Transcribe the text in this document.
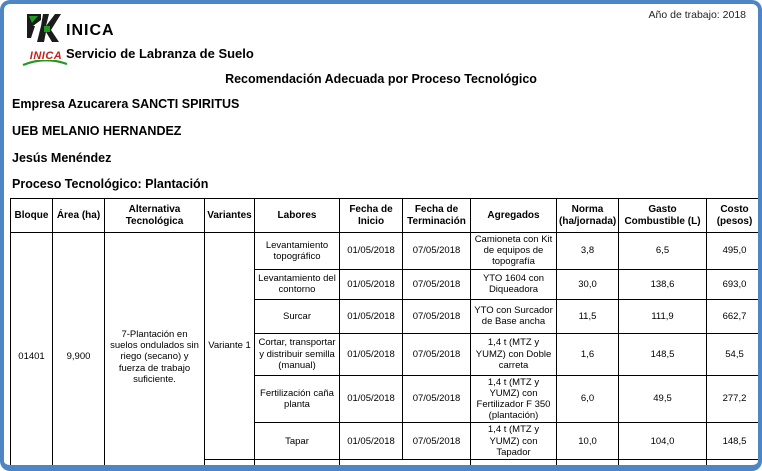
Año de trabajo: 2018
INICA
INICA
Servicio de Labranza de Suelo
Recomendación Adecuada por Proceso Tecnológico
Empresa Azucarera SANCTI SPIRITUS
UEB MELANIO HERNANDEZ
Jesús Menéndez
Proceso Tecnológico: Plantación
Bloque	Área (ha)	Alternativa Tecnológica	Variantes	Labores	Fecha de Inicio	Fecha de Terminación	Agregados	Norma (ha/jornada)	Gasto Combustible (L)	Costo (pesos)
01401	9,900	7-Plantación en suelos ondulados sin riego (secano) y fuerza de trabajo suficiente.	Variante 1	Levantamiento topográfico	01/05/2018	07/05/2018	Camioneta con Kit de equipos de topografía	3,8	6,5	495,0
				Levantamiento del contorno	01/05/2018	07/05/2018	YTO 1604 con Diqueadora	30,0	138,6	693,0
				Surcar	01/05/2018	07/05/2018	YTO con Surcador de Base ancha	11,5	111,9	662,7
				Cortar, transportar y distribuir semilla (manual)	01/05/2018	07/05/2018	1,4 t (MTZ y YUMZ) con Doble carreta	1,6	148,5	54,5
				Fertilización caña planta	01/05/2018	07/05/2018	1,4 t (MTZ y YUMZ) con Fertilizador F 350 (plantación)	6,0	49,5	277,2
				Tapar	01/05/2018	07/05/2018	1,4 t (MTZ y YUMZ) con Tapador	10,0	104,0	148,5
			Total	6			-	-	559,0	2330,9
